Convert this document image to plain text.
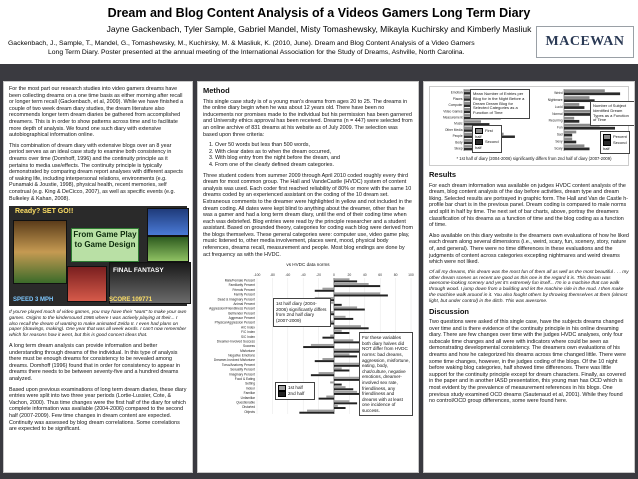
Dream and Blog Content Analysis of a Videos Gamers Long Term Diary
Jayne Gackenbach, Tyler Sample, Gabriel Mandel, Misty Tomashewsky, Mikayla Kuchirsky and Kimberly Masliuk
Gackenbach, J., Sample, T., Mandel, G., Tomashewsky, M., Kuchirsky, M. & Masliuk, K. (2010, June). Dream and Blog Content Analysis of a Video Gamers
Long Term Diary. Poster presented at the annual meeting of the International Association for the Study of Dreams, Ashville, North Carolina.
MACEWAN

For the most part our research studies into video gamers dreams have been collecting dreams on a one time basis as either morning after recall or longer term recall (Gackenbach, et al, 2009). While we have finished a couple of two week dream diary studies, the dream literature also recommends longer term dream diaries be gathered from accomplished dreamers. This is in order to show patterns across time and to facilitate more depth of analysis. We found one such diary with extensive autobiographical information online.

This combination of dream diary with extensive blogs over an 8 year period serves as an ideal case study to examine both consistency in dreams over time (Domhoff, 1996) and the continuity principle as it pertains to media use/effects. The continuity principle is typically demonstrated by comparing dream report analyses with different aspects of waking life, including interpersonal relations, environments (e.g. Punamaki & Joustie, 1998), physical health, recent memories, self construal (e.g. King & DeCicco, 2007), as well as specific events (e.g. Bulkeley & Kahan, 2008).

Ready? SET GO!!
From Game Play to Game Design
FINAL FANTASY
SPEED 3 MPH	SCORE 109771

If you've played much of video games, you may have their "want" to make your own games. Origins to the kindersound 1986 where I was actively playing at their... I also recall the dream of wanting to make animated Zelda II. I even had plans on paper (drawings, making). One year that was all week words. I can't now remember which for reasons how it went, but this is good concert ideas that.

A long term dream analysis can provide information and better understanding through dreams of the individual. In this type of analysis there must be enough dreams for consistency to be revealed among dreams. Domhoff (1996) found that in order for consistency to appear in dreams there needs to be between seventy-five and a hundred dreams analyzed.

Based upon previous examinations of long term dream diaries, these diary entries were split into two three year periods (Lortie-Lussier, Cote, & Vachon, 2000). Thus time changes were the first half of the diary for which complete information was available (2004-2006) compared to the second half (2007-2009). Few time changes in dream content are expected. Continuity was assessed by blog dream correlations. Some correlations are expected to be significant.

Method

This single case study is of a young man's dreams from ages 20 to 25. The dreams in the online diary begin when he was about 12 years old. There have been no inducements nor promises made to the individual but his permission has been garnered and University ethics approval has been received. Dreams (n = 447) were selected from an online archive of 831 dreams at his website as of July 2009. The selection was based upon three criteria:

1. Over 50 words but less than 500 words,
2. With clear dates as to when the dream occurred,
3. With blog entry from the night before the dream, and
4. From one of the clearly defined dream categories.

Three student coders from summer 2009 through April 2010 coded roughly every third dream for most common group. The Hall and VandeCastle (HVDC) system of content analysis was used. Each coder first reached reliability of 80% or more with the same 10 dreams coded by an experienced assistant on the coding of the 10 dream set. Extraneous comments to the dreamer were highlighted in yellow and not included in the dream coding. All dates were kept blind to anything about the dreamer, other than he was a gamer and had a long term dream diary, until the end of their coding time when each was debriefed. Blog entries were read by the principle researcher and a student assistant. Based on grounded theory, categories for coding each blog were derived from the blogs themselves. These general categories were: computer use, video game play, music listened to, other media involvement, places went, mood, physical body references, dreams recall, measurement and people. Most blog endings are done by act frequency as with the HVDC.

vs HVDC data norms
-100	-80	-60	-40	-20	0	20	40	60	80	100
Male/Female Percent
Familiarity Percent
Friends Percent
Family Percent
Dead & Imaginary Percent
Animal Percent
Aggression/Friendliness Percent
Befriender Percent
Aggressor Percent
Physical Aggression Percent
A/C Index
F/C Index
S/C Index
Dreamer-Involved Success
Success
Misfortune
Negative Emotions
Dreamer-Involved Misfortune
Torso/Anatomy Percent
Sexuality Percent
Imaginary Percent
Food & Eating
Setting
Indoor
Familiar
Unfamiliar
Questionable
Distorted
Objects
1st half diary (2004-2006) significantly differs from 2nd half diary (2007-2009)
1st half
2nd half
For these variables both diary halves did NOT differ from HVDC norms: bad dreams, aggression, misfortune, eating, body, chat/culture, negative emotions, dreamer-involved sex rate, friendliness, any friendliness and dreams with at least one incidence of success.
Emotion
Places
Computer
Video Games
Measurement
Music
Other Media
People
Body
Sleep
Weird
Nightmare
Lucid
Normal
Recurring
Fun
Sad
Sexy
Scary
Mean Number of Entries per Blog for in the Night Before a Dream Dream Blog for Selected Categories as a Function of Time
Number of Subject Identified Dream Types as a Function of Time
First half
Second half
Percent
Second half
* 1st half of diary (2004-2006) significantly differs from 2nd half of diary (2007-2009)
Results

For each dream information was available on judges HVDC content analysis of the dream, blog content analysis of the day before activities, dream type and dream liking. Selected results are portrayed in graphic form. The Hall and Van de Castle h-profile bar chart is in the previous panel. Dream coding is compared to male norms and split in half by time. The next set of bar charts, above, portray the dreamers classification of his dreams as a function of time and the blog coding as a function of time.

Also available on this diary website is the dreamers own evaluations of how he liked each dream along several dimensions (i.e., weird, scary, fun, scenery, story, nature of, and general). There were no time differences in these evaluations and the judgments of content across categories excepting nightmares and weird dreams which were not liked.

Of all my dreams, this dream was the most fun of them all as well as the most beautiful . . . my other dream scenes as recent are good as this one in the regard it is. This dream was awesome-looking scenery and yet it's extremely fun itself... I'm in a machine that can walk through wood. I jump down from a building and let the machine ride in the mud. I then make the machine walk around in it. You also fought others by throwing themselves at them (almost light, but under control) in the ditch. This was awesome.

Discussion

Two questions were asked of this single case, have the subjects dreams changed over time and is there evidence of the continuity principle in his online dreaming diary. There are few changes over time with the judges HVDC analyses, only four subscale time changes and all were with indicators where could be seen as demonstrating developmental consistency. The dreamers own evaluations of his dreams and how he categorized his dreams across time changed little. There were some time changes, however, in the judges coding of the blogs. Of the 10 night before waking blog categories, half showed time differences. There was little support for the continuity principle except for dream characters. Finally, as covered in the paper and in another IASD presentation, this young man has OCD which is most evident by the prevalence of measurement references in his blogs. One previous study examined OCD dreams (Sautenaud et al, 2001). While they found no control/OCD group differences, some were found here.
